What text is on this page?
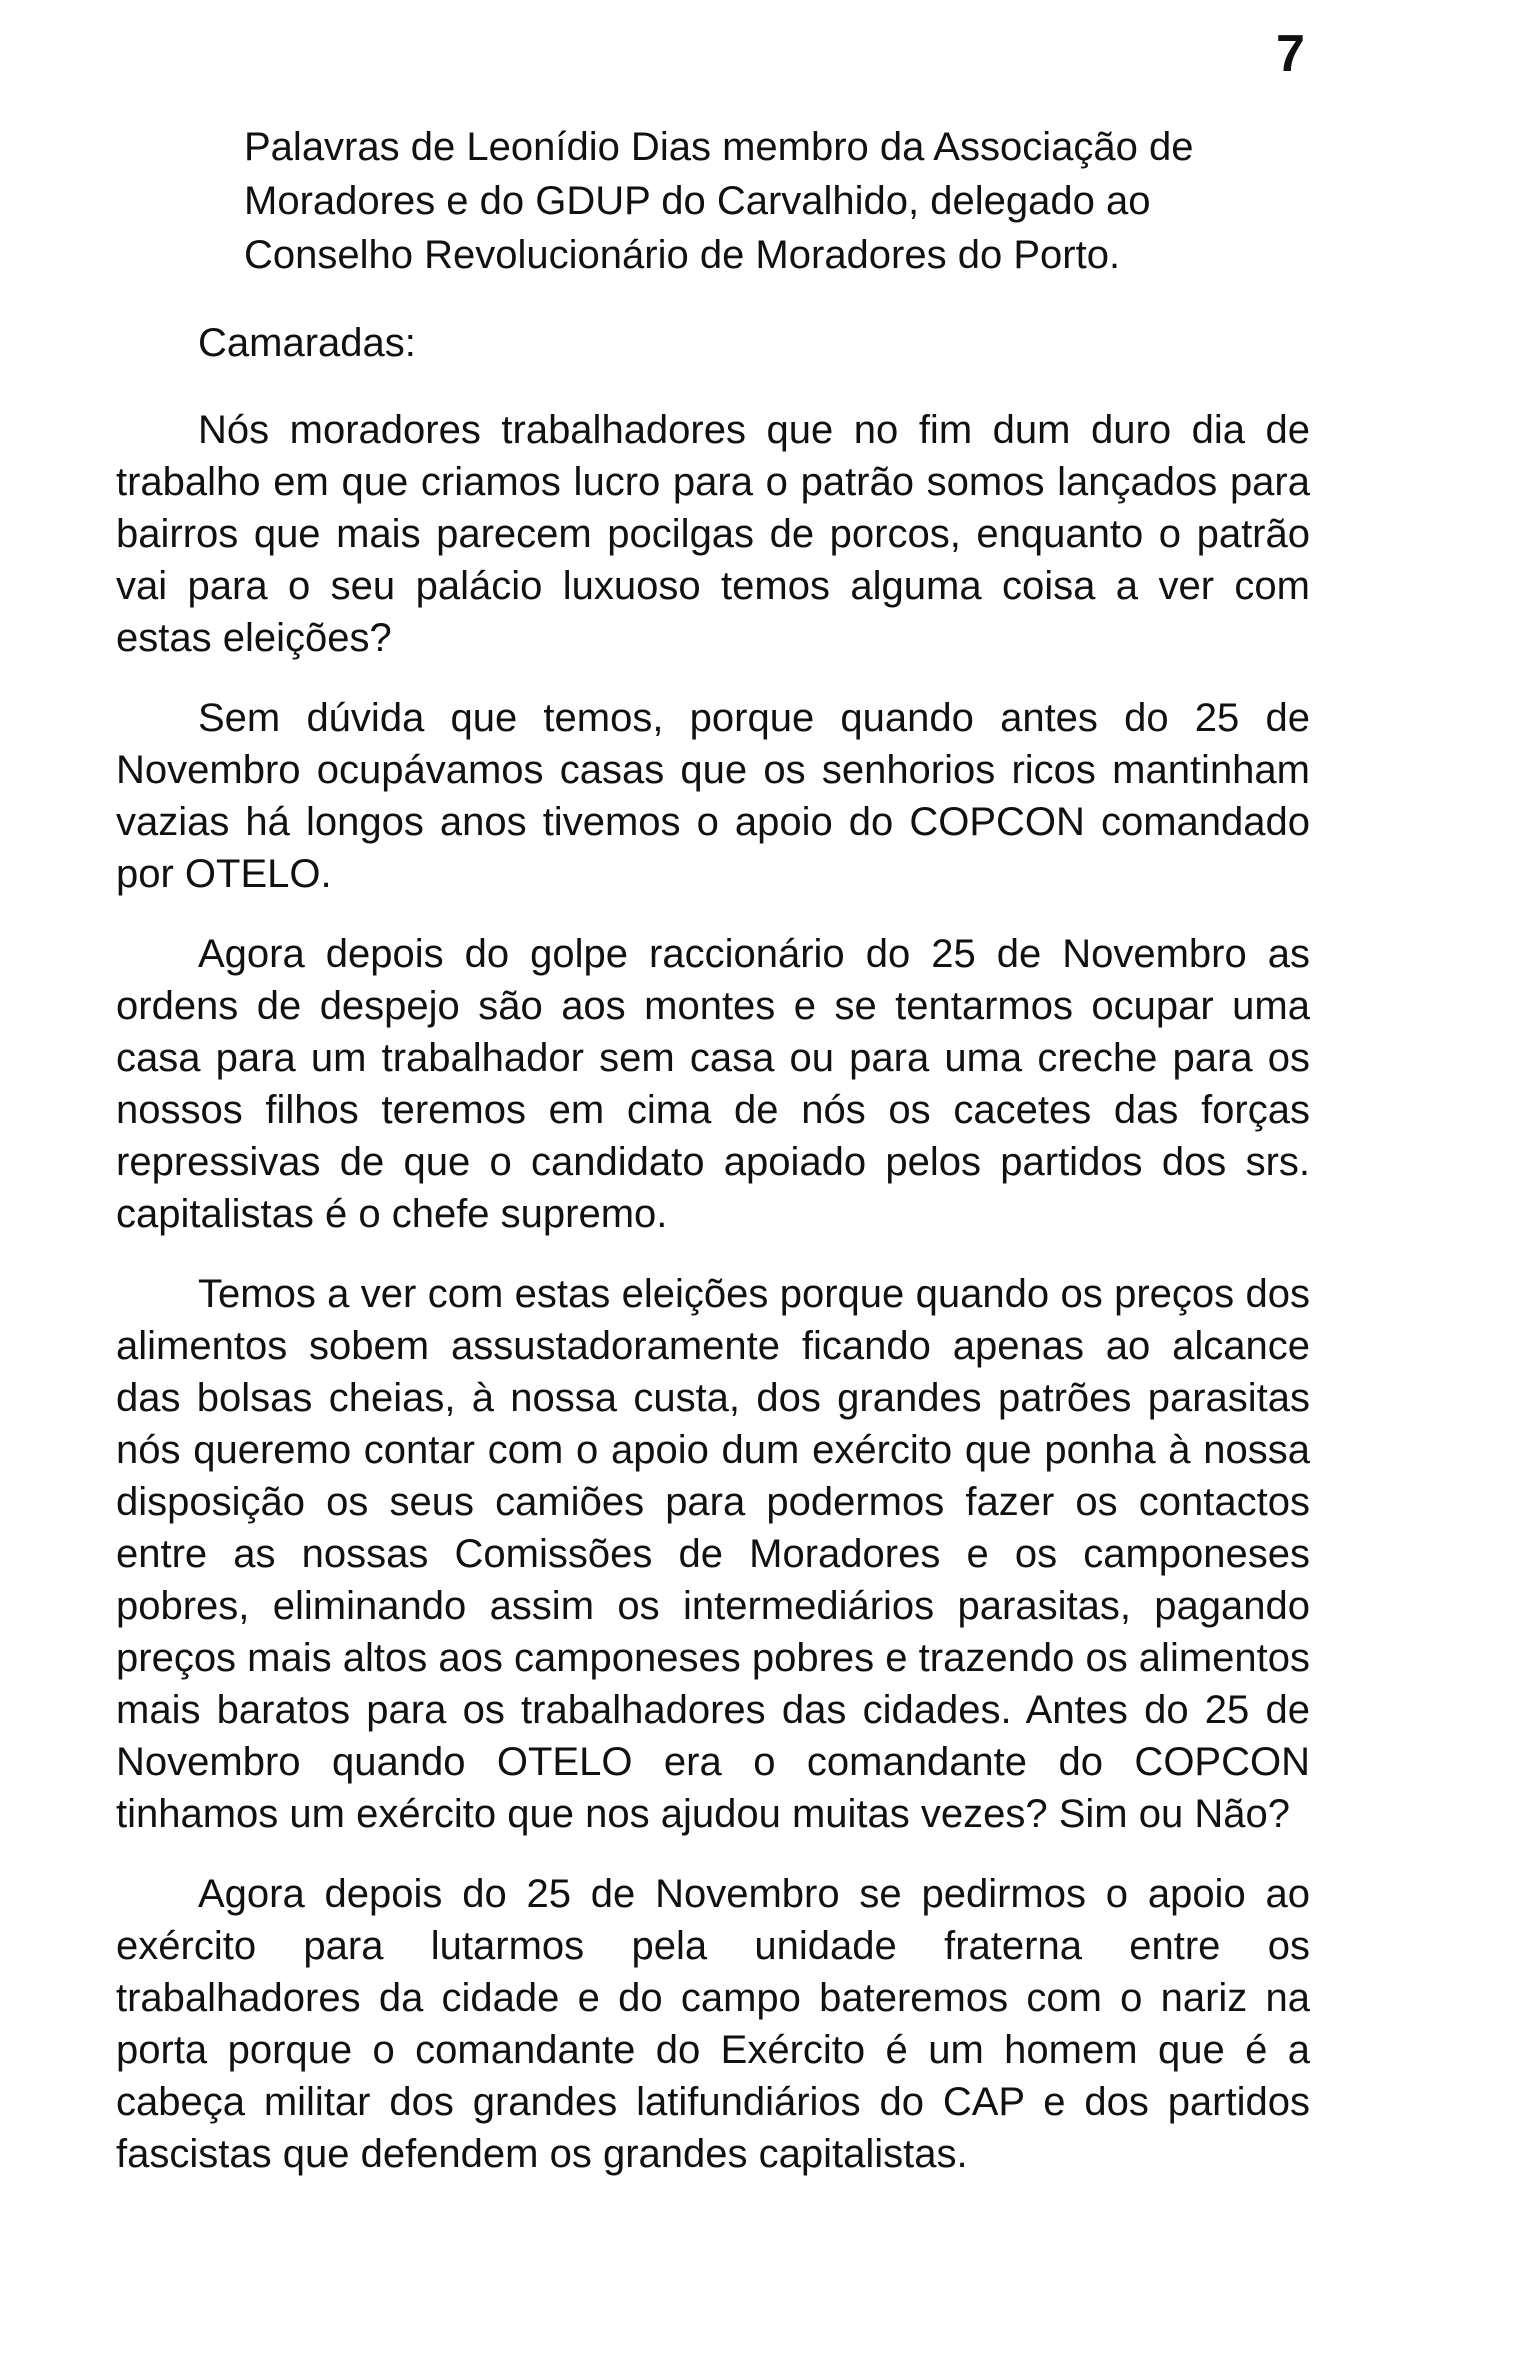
7
Palavras de Leonídio Dias membro da Associação de Moradores e do GDUP do Carvalhido, delegado ao Conselho Revolucionário de Moradores do Porto.
Camaradas:

Nós moradores trabalhadores que no fim dum duro dia de trabalho em que criamos lucro para o patrão somos lançados para bairros que mais parecem pocilgas de porcos, enquanto o patrão vai para o seu palácio luxuoso temos alguma coisa a ver com estas eleições?

Sem dúvida que temos, porque quando antes do 25 de Novembro ocupávamos casas que os senhorios ricos mantinham vazias há longos anos tivemos o apoio do COPCON comandado por OTELO.

Agora depois do golpe raccionário do 25 de Novembro as ordens de despejo são aos montes e se tentarmos ocupar uma casa para um trabalhador sem casa ou para uma creche para os nossos filhos teremos em cima de nós os cacetes das forças repressivas de que o candidato apoiado pelos partidos dos srs. capitalistas é o chefe supremo.

Temos a ver com estas eleições porque quando os preços dos alimentos sobem assustadoramente ficando apenas ao alcance das bolsas cheias, à nossa custa, dos grandes patrões parasitas nós queremo contar com o apoio dum exército que ponha à nossa disposição os seus camiões para podermos fazer os contactos entre as nossas Comissões de Moradores e os camponeses pobres, eliminando assim os intermediários parasitas, pagando preços mais altos aos camponeses pobres e trazendo os alimentos mais baratos para os trabalhadores das cidades. Antes do 25 de Novembro quando OTELO era o comandante do COPCON tinhamos um exército que nos ajudou muitas vezes? Sim ou Não?

Agora depois do 25 de Novembro se pedirmos o apoio ao exército para lutarmos pela unidade fraterna entre os trabalhadores da cidade e do campo bateremos com o nariz na porta porque o comandante do Exército é um homem que é a cabeça militar dos grandes latifundiários do CAP e dos partidos fascistas que defendem os grandes capitalistas.
